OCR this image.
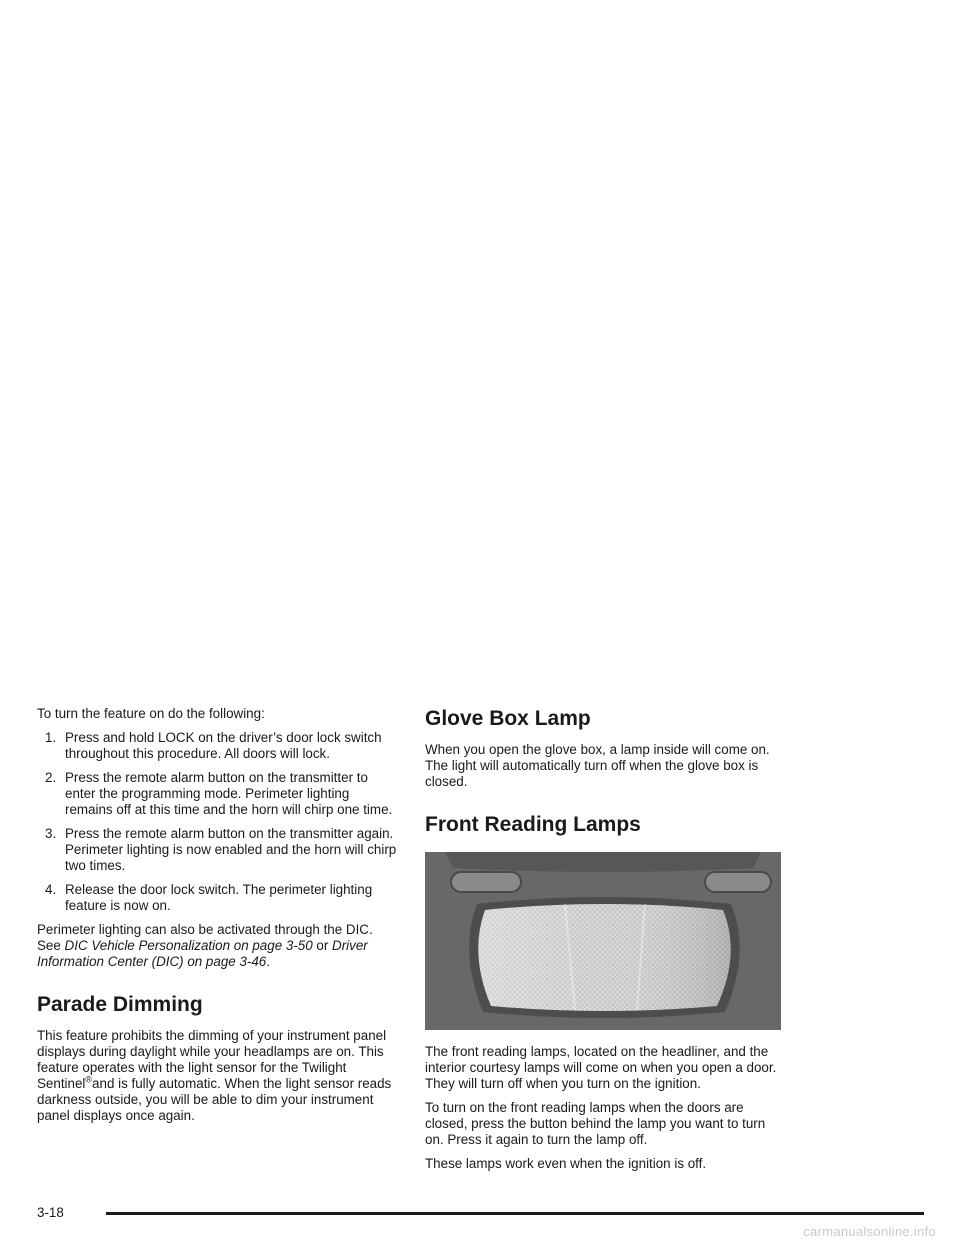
To turn the feature on do the following:

1. Press and hold LOCK on the driver’s door lock switch throughout this procedure. All doors will lock.
2. Press the remote alarm button on the transmitter to enter the programming mode. Perimeter lighting remains off at this time and the horn will chirp one time.
3. Press the remote alarm button on the transmitter again. Perimeter lighting is now enabled and the horn will chirp two times.
4. Release the door lock switch. The perimeter lighting feature is now on.

Perimeter lighting can also be activated through the DIC. See DIC Vehicle Personalization on page 3-50 or Driver Information Center (DIC) on page 3-46.

Parade Dimming

This feature prohibits the dimming of your instrument panel displays during daylight while your headlamps are on. This feature operates with the light sensor for the Twilight Sentinel®and is fully automatic. When the light sensor reads darkness outside, you will be able to dim your instrument panel displays once again.

Glove Box Lamp

When you open the glove box, a lamp inside will come on. The light will automatically turn off when the glove box is closed.

Front Reading Lamps

The front reading lamps, located on the headliner, and the interior courtesy lamps will come on when you open a door. They will turn off when you turn on the ignition.

To turn on the front reading lamps when the doors are closed, press the button behind the lamp you want to turn on. Press it again to turn the lamp off.

These lamps work even when the ignition is off.

3-18
carmanualsonline.info
